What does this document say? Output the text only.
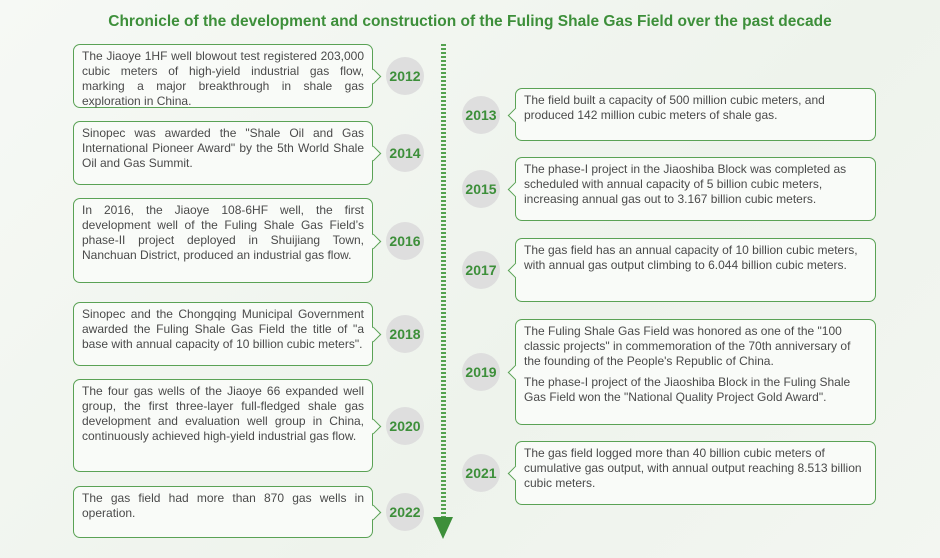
Chronicle of the development and construction of the Fuling Shale Gas Field over the past decade

The Jiaoye 1HF well blowout test registered 203,000 cubic meters of high-yield industrial gas flow, marking a major breakthrough in shale gas exploration in China.

2012

Sinopec was awarded the "Shale Oil and Gas International Pioneer Award" by the 5th World Shale Oil and Gas Summit.

2014

In 2016, the Jiaoye 108-6HF well, the first development well of the Fuling Shale Gas Field’s phase-II project deployed in Shuijiang Town, Nanchuan District, produced an industrial gas flow.

2016

Sinopec and the Chongqing Municipal Government awarded the Fuling Shale Gas Field the title of "a base with annual capacity of 10 billion cubic meters".

2018

The four gas wells of the Jiaoye 66 expanded well group, the first three-layer full-fledged shale gas development and evaluation well group in China, continuously achieved high-yield industrial gas flow.

2020

The gas field had more than 870 gas wells in operation.	2022

The field built a capacity of 500 million cubic meters, and produced 142 million cubic meters of shale gas.

2013

The phase-I project in the Jiaoshiba Block was completed as scheduled with annual capacity of 5 billion cubic meters, increasing annual gas out to 3.167 billion cubic meters.

2015

The gas field has an annual capacity of 10 billion cubic meters, with annual gas output climbing to 6.044 billion cubic meters.

2017

The Fuling Shale Gas Field was honored as one of the "100 classic projects" in commemoration of the 70th anniversary of the founding of the People's Republic of China.

The phase-I project of the Jiaoshiba Block in the Fuling Shale Gas Field won the "National Quality Project Gold Award".

2019

The gas field logged more than 40 billion cubic meters of cumulative gas output, with annual output reaching 8.513 billion cubic meters.

2021
